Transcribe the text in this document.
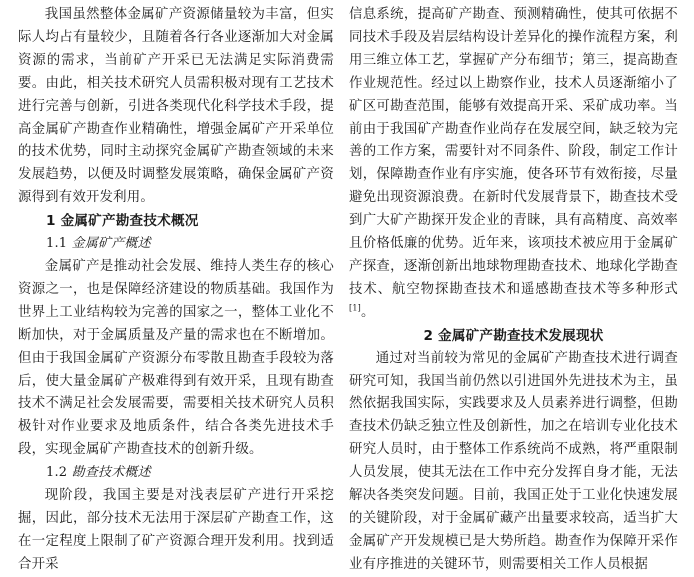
我国虽然整体金属矿产资源储量较为丰富，但实际人均占有量较少，且随着各行各业逐渐加大对金属资源的需求，当前矿产开采已无法满足实际消费需要。由此，相关技术研究人员需积极对现有工艺技术进行完善与创新，引进各类现代化科学技术手段，提高金属矿产勘查作业精确性，增强金属矿产开采单位的技术优势，同时主动探究金属矿产勘查领域的未来发展趋势，以便及时调整发展策略，确保金属矿产资源得到有效开发利用。

1 金属矿产勘查技术概况
1.1 金属矿产概述

金属矿产是推动社会发展、维持人类生存的核心资源之一，也是保障经济建设的物质基础。我国作为世界上工业结构较为完善的国家之一，整体工业化不断加快，对于金属质量及产量的需求也在不断增加。但由于我国金属矿产资源分布零散且勘查手段较为落后，使大量金属矿产极难得到有效开采，且现有勘查技术不满足社会发展需要，需要相关技术研究人员积极针对作业要求及地质条件，结合各类先进技术手段，实现金属矿产勘查技术的创新升级。

1.2 勘查技术概述

现阶段，我国主要是对浅表层矿产进行开采挖掘，因此，部分技术无法用于深层矿产勘查工作，这在一定程度上限制了矿产资源合理开发利用。找到适合开采

信息系统，提高矿产勘查、预测精确性，使其可依据不同技术手段及岩层结构设计差异化的操作流程方案，利用三维立体工艺，掌握矿产分布细节；第三，提高勘查作业规范性。经过以上勘察作业，技术人员逐渐缩小了矿区可勘查范围，能够有效提高开采、采矿成功率。当前由于我国矿产勘查作业尚存在发展空间，缺乏较为完善的工作方案，需要针对不同条件、阶段，制定工作计划，保障勘查作业有序实施，使各环节有效衔接，尽量避免出现资源浪费。在新时代发展背景下，勘查技术受到广大矿产勘探开发企业的青睐，具有高精度、高效率且价格低廉的优势。近年来，该项技术被应用于金属矿产探查，逐渐创新出地球物理勘查技术、地球化学勘查技术、航空物探勘查技术和遥感勘查技术等多种形式[1]。

2 金属矿产勘查技术发展现状

通过对当前较为常见的金属矿产勘查技术进行调查研究可知，我国当前仍然以引进国外先进技术为主，虽然依据我国实际，实践要求及人员素养进行调整，但勘查技术仍缺乏独立性及创新性，加之在培训专业化技术研究人员时，由于整体工作系统尚不成熟，将严重限制人员发展，使其无法在工作中充分发挥自身才能，无法解决各类突发问题。目前，我国正处于工业化快速发展的关键阶段，对于金属矿藏产出量要求较高，适当扩大金属矿产开发规模已是大势所趋。勘查作为保障开采作业有序推进的关键环节，则需要相关工作人员根据
